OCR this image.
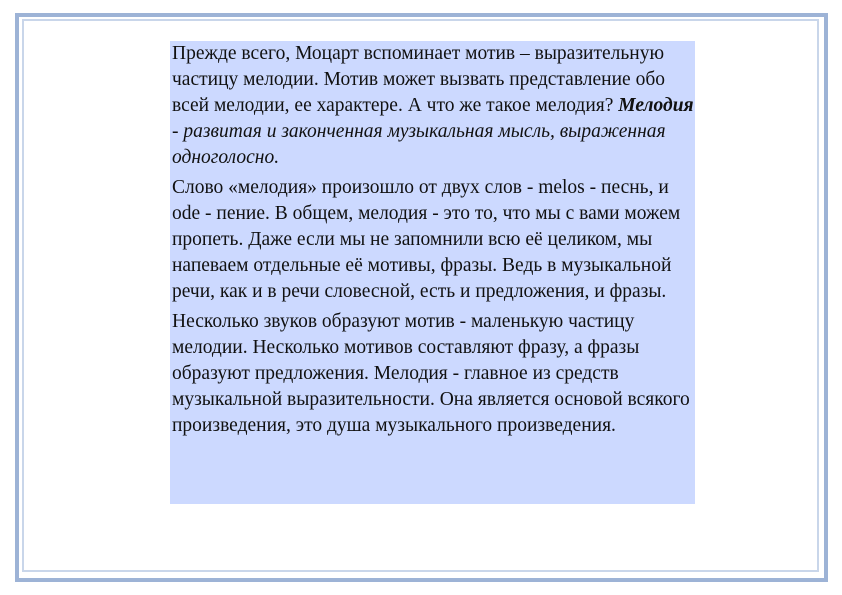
Прежде всего, Моцарт вспоминает мотив – выразительную частицу мелодии. Мотив может вызвать представление обо всей мелодии, ее характере. А что же такое мелодия? Мелодия - развитая и законченная музыкальная мысль, выраженная одноголосно.

Слово «мелодия» произошло от двух слов - melos - песнь, и ode - пение. В общем, мелодия - это то, что мы с вами можем пропеть. Даже если мы не запомнили всю её целиком, мы напеваем отдельные её мотивы, фразы. Ведь в музыкальной речи, как и в речи словесной, есть и предложения, и фразы.

Несколько звуков образуют мотив - маленькую частицу мелодии. Несколько мотивов составляют фразу, а фразы образуют предложения. Мелодия - главное из средств музыкальной выразительности. Она является основой всякого произведения, это душа музыкального произведения.
